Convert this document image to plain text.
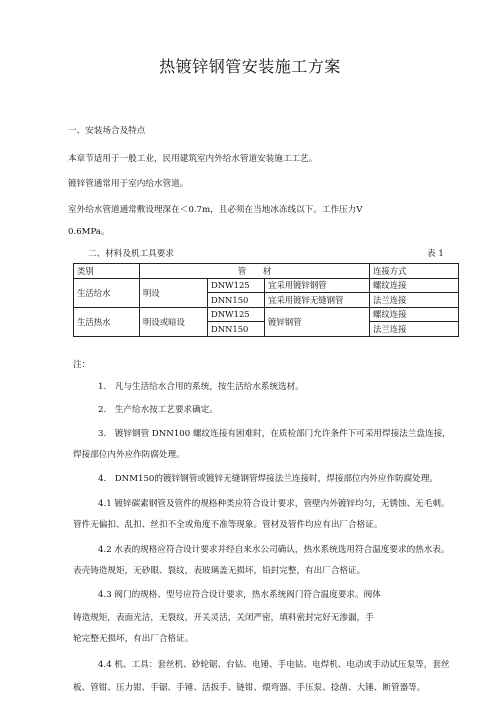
热镀锌钢管安装施工方案
一、安装场合及特点
本章节适用于一般工业，民用建筑室内外给水管道安装施工工艺。
镀锌管通常用于室内给水管道。
室外给水管道通常敷设埋深在＜0.7m，且必须在当地冰冻线以下。工作压力Ⅴ
0.6MPa。
二、材料及机工具要求	表 1
类别	管　　材			连接方式
生活给水	明设	DNW125	宜采用镀锌钢管	螺纹连接
		DNN150	宜采用镀锌无缝钢管	法兰连接
生活热水	明设或暗设	DNW125	镀锌钢管	螺纹连接
		DNN150		法兰连接
注：
1.　凡与生活给水合用的系统，按生活给水系统选材。
2.　生产给水按工艺要求确定。
3.　镀锌钢管 DNN100 螺纹连接有困难时，在质检部门允许条件下可采用焊接法兰盘连接，
焊接部位内外应作防腐处理。
4.　DNM150的镀锌钢管或镀锌无缝钢管焊接法兰连接时，焊接部位内外应作防腐处理。
4.1 镀锌碳素钢管及管件的规格种类应符合设计要求，管壁内外镀锌均匀，无锈蚀、无毛刺。
管件无偏扣、乱扣、丝扣不全或角度不准等现象。管材及管件均应有出厂合格证。
4.2 水表的规格应符合设计要求并经自来水公司确认，热水系统选用符合温度要求的热水表。
表壳铸造规矩，无砂眼、裂纹，表玻璃盖无损坏，铅封完整，有出厂合格证。
4.3 阀门的规格、型号应符合设计要求，热水系统阀门符合温度要求。阀体
铸造规矩，表面光洁，无裂纹，开关灵活，关闭严密，填料密封完好无渗漏，手
轮完整无损坏，有出厂合格证。
4.4 机、工具：套丝机、砂轮锯、台钻、电锤、手电钻、电焊机、电动或手动试压泵等，套丝
板、管钳、压力钳、手锯、手锤、活扳手、链钳、煨弯器、手压泵、捻凿、大锤、断管器等。
